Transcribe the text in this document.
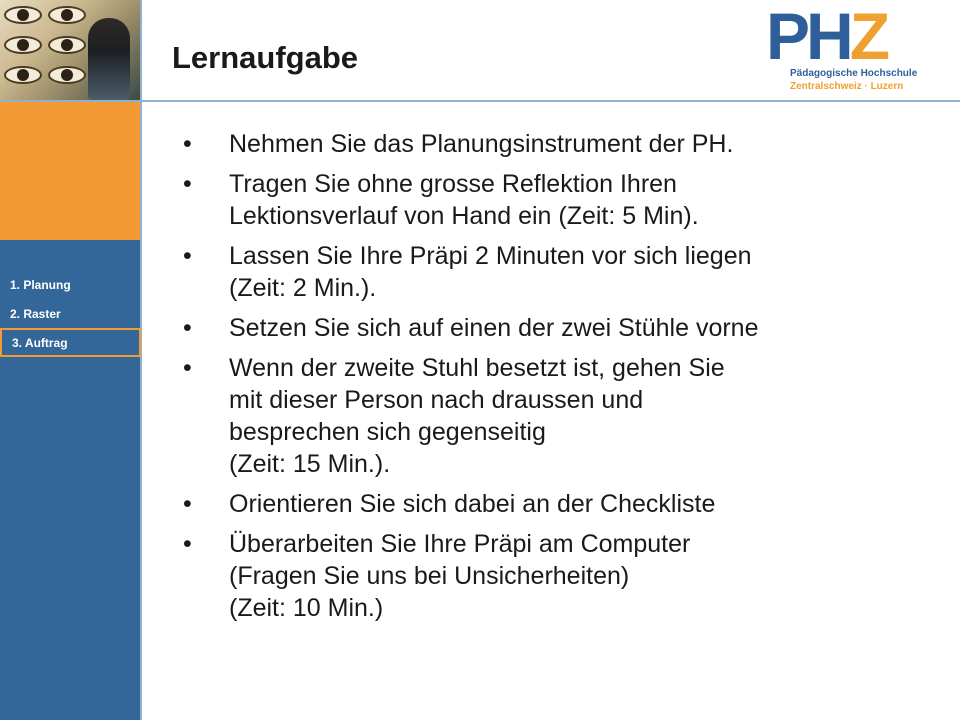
Lernaufgabe	PHZ
Pädagogische Hochschule
Zentralschweiz · Luzern
1. Planung
2. Raster
3. Auftrag
•	Nehmen Sie das Planungsinstrument der PH.
•	Tragen Sie ohne grosse Reflektion Ihren
Lektionsverlauf von Hand ein (Zeit: 5 Min).
•	Lassen Sie Ihre Präpi 2 Minuten vor sich liegen
(Zeit: 2 Min.).
•	Setzen Sie sich auf einen der zwei Stühle vorne
•	Wenn der zweite Stuhl besetzt ist, gehen Sie
mit dieser Person nach draussen und
besprechen sich gegenseitig
(Zeit: 15 Min.).
•	Orientieren Sie sich dabei an der Checkliste
•	Überarbeiten Sie Ihre Präpi am Computer
(Fragen Sie uns bei Unsicherheiten)
(Zeit: 10 Min.)
